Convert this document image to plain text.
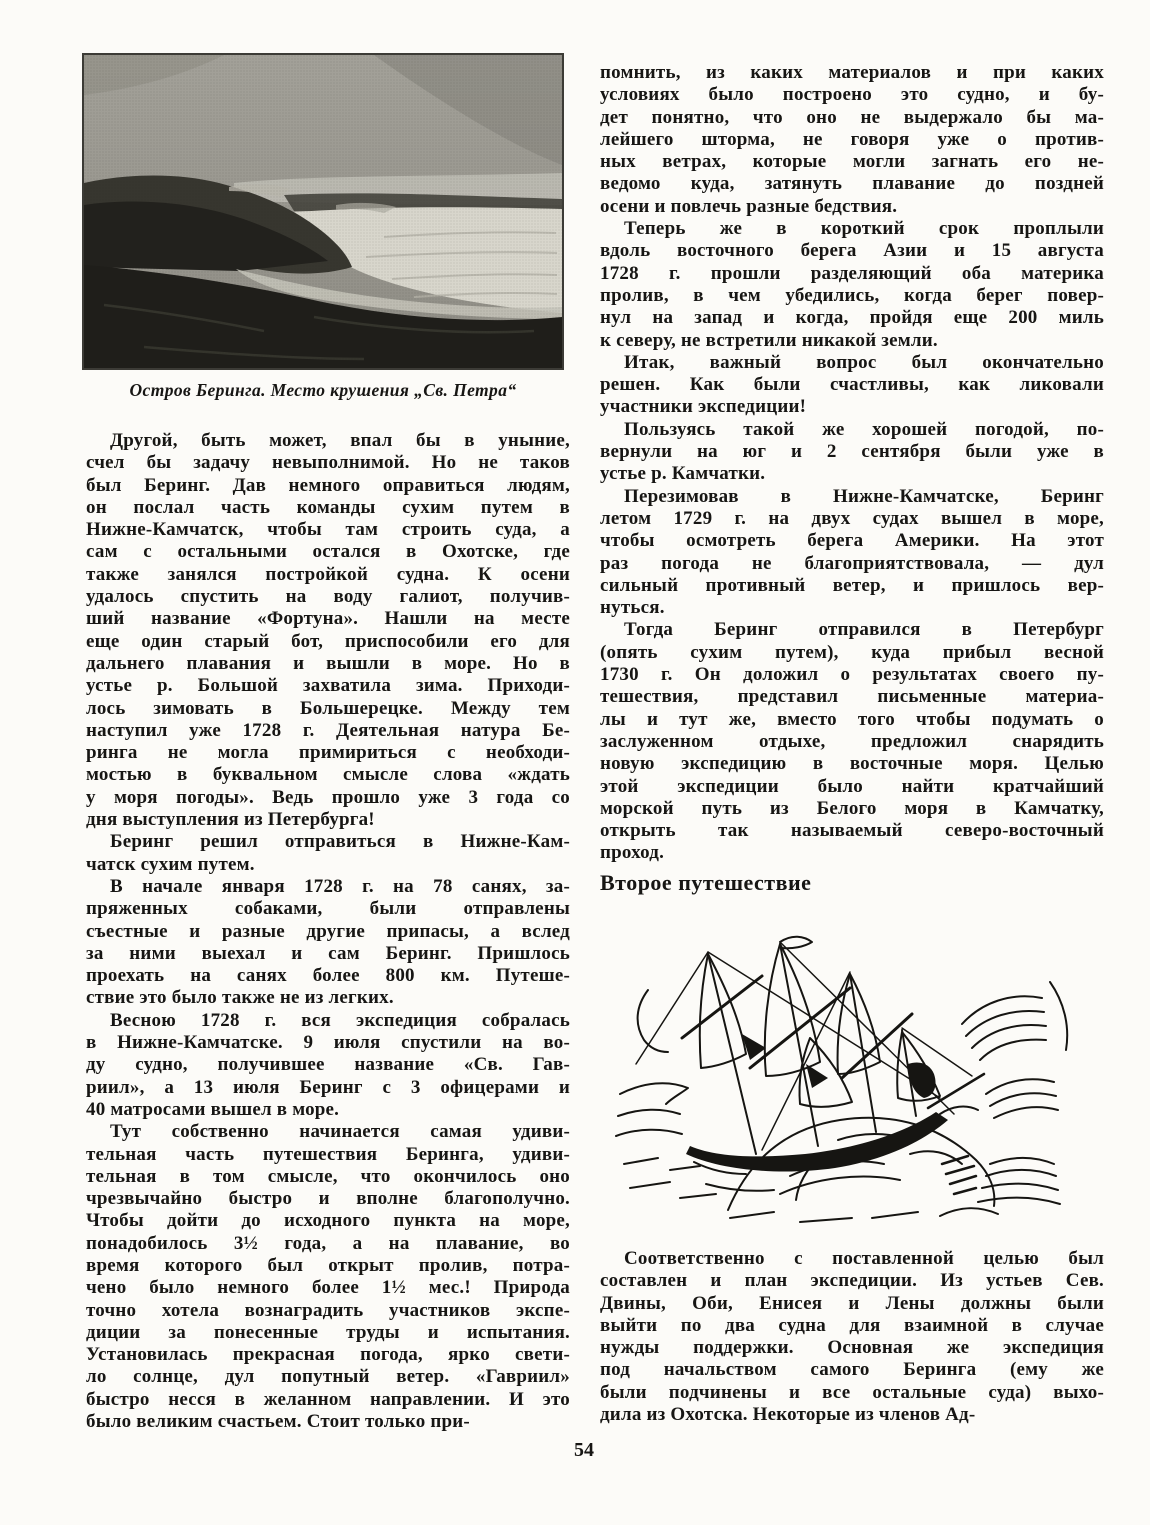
Остров Беринга. Место крушения „Св. Петра“
Другой, быть может, впал бы в уныние,
счел бы задачу невыполнимой. Но не таков
был Беринг. Дав немного оправиться людям,
он послал часть команды сухим путем в
Нижне-Камчатск, чтобы там строить суда, а
сам с остальными остался в Охотске, где
также занялся постройкой судна. К осени
удалось спустить на воду галиот, получив-
ший название «Фортуна». Нашли на месте
еще один старый бот, приспособили его для
дальнего плавания и вышли в море. Но в
устье р. Большой захватила зима. Приходи-
лось зимовать в Большерецке. Между тем
наступил уже 1728 г. Деятельная натура Бе-
ринга не могла примириться с необходи-
мостью в буквальном смысле слова «ждать
у моря погоды». Ведь прошло уже 3 года со
дня выступления из Петербурга!
Беринг решил отправиться в Нижне-Кам-
чатск сухим путем.
В начале января 1728 г. на 78 санях, за-
пряженных собаками, были отправлены
съестные и разные другие припасы, а вслед
за ними выехал и сам Беринг. Пришлось
проехать на санях более 800 км. Путеше-
ствие это было также не из легких.
Весною 1728 г. вся экспедиция собралась
в Нижне-Камчатске. 9 июля спустили на во-
ду судно, получившее название «Св. Гав-
риил», а 13 июля Беринг с 3 офицерами и
40 матросами вышел в море.
Тут собственно начинается самая удиви-
тельная часть путешествия Беринга, удиви-
тельная в том смысле, что окончилось оно
чрезвычайно быстро и вполне благополучно.
Чтобы дойти до исходного пункта на море,
понадобилось 3½ года, а на плавание, во
время которого был открыт пролив, потра-
чено было немного более 1½ мес.! Природа
точно хотела вознаградить участников экспе-
диции за понесенные труды и испытания.
Установилась прекрасная погода, ярко свети-
ло солнце, дул попутный ветер. «Гавриил»
быстро несся в желанном направлении. И это
было великим счастьем. Стоит только при-
помнить, из каких материалов и при каких
условиях было построено это судно, и бу-
дет понятно, что оно не выдержало бы ма-
лейшего шторма, не говоря уже о против-
ных ветрах, которые могли загнать его не-
ведомо куда, затянуть плавание до поздней
осени и повлечь разные бедствия.
Теперь же в короткий срок проплыли
вдоль восточного берега Азии и 15 августа
1728 г. прошли разделяющий оба материка
пролив, в чем убедились, когда берег повер-
нул на запад и когда, пройдя еще 200 миль
к северу, не встретили никакой земли.
Итак, важный вопрос был окончательно
решен. Как были счастливы, как ликовали
участники экспедиции!
Пользуясь такой же хорошей погодой, по-
вернули на юг и 2 сентября были уже в
устье р. Камчатки.
Перезимовав в Нижне-Камчатске, Беринг
летом 1729 г. на двух судах вышел в море,
чтобы осмотреть берега Америки. На этот
раз погода не благоприятствовала, — дул
сильный противный ветер, и пришлось вер-
нуться.
Тогда Беринг отправился в Петербург
(опять сухим путем), куда прибыл весной
1730 г. Он доложил о результатах своего пу-
тешествия, представил письменные материа-
лы и тут же, вместо того чтобы подумать о
заслуженном отдыхе, предложил снарядить
новую экспедицию в восточные моря. Целью
этой экспедиции было найти кратчайший
морской путь из Белого моря в Камчатку,
открыть так называемый северо-восточный
проход.
Второе путешествие
Соответственно с поставленной целью был
составлен и план экспедиции. Из устьев Сев.
Двины, Оби, Енисея и Лены должны были
выйти по два судна для взаимной в случае
нужды поддержки. Основная же экспедиция
под начальством самого Беринга (ему же
были подчинены и все остальные суда) выхо-
дила из Охотска. Некоторые из членов Ад-
54
